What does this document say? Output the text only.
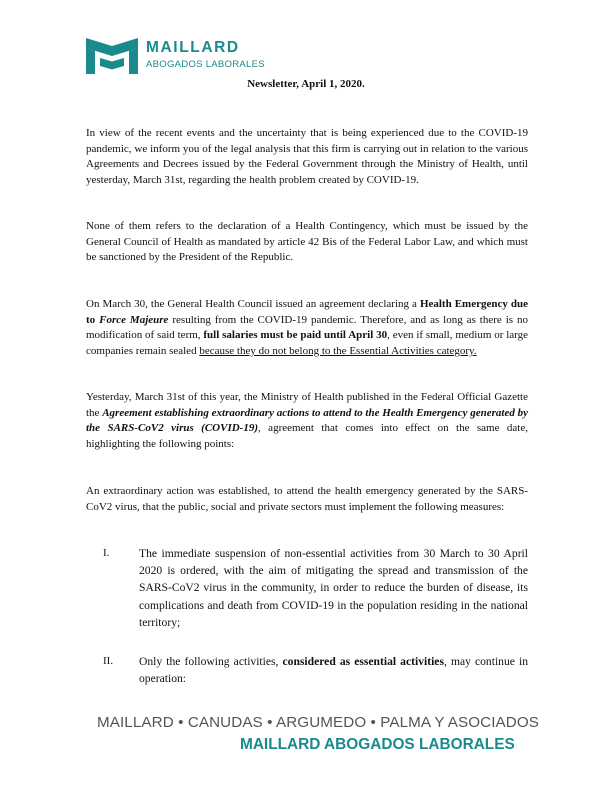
MAILLARD
ABOGADOS LABORALES
Newsletter, April 1, 2020.

In view of the recent events and the uncertainty that is being experienced due to the COVID-19 pandemic, we inform you of the legal analysis that this firm is carrying out in relation to the various Agreements and Decrees issued by the Federal Government through the Ministry of Health, until yesterday, March 31st, regarding the health problem created by COVID-19.

None of them refers to the declaration of a Health Contingency, which must be issued by the General Council of Health as mandated by article 42 Bis of the Federal Labor Law, and which must be sanctioned by the President of the Republic.

On March 30, the General Health Council issued an agreement declaring a Health Emergency due to Force Majeure resulting from the COVID-19 pandemic. Therefore, and as long as there is no modification of said term, full salaries must be paid until April 30, even if small, medium or large companies remain sealed because they do not belong to the Essential Activities category.

Yesterday, March 31st of this year, the Ministry of Health published in the Federal Official Gazette the Agreement establishing extraordinary actions to attend to the Health Emergency generated by the SARS-CoV2 virus (COVID-19), agreement that comes into effect on the same date, highlighting the following points:

An extraordinary action was established, to attend the health emergency generated by the SARS-CoV2 virus, that the public, social and private sectors must implement the following measures:

I.	The immediate suspension of non-essential activities from 30 March to 30 April 2020 is ordered, with the aim of mitigating the spread and transmission of the SARS-CoV2 virus in the community, in order to reduce the burden of disease, its complications and death from COVID-19 in the population residing in the national territory;

II. Only the following activities, considered as essential activities, may continue in operation:

MAILLARD • CANUDAS • ARGUMEDO • PALMA Y ASOCIADOS
MAILLARD ABOGADOS LABORALES
